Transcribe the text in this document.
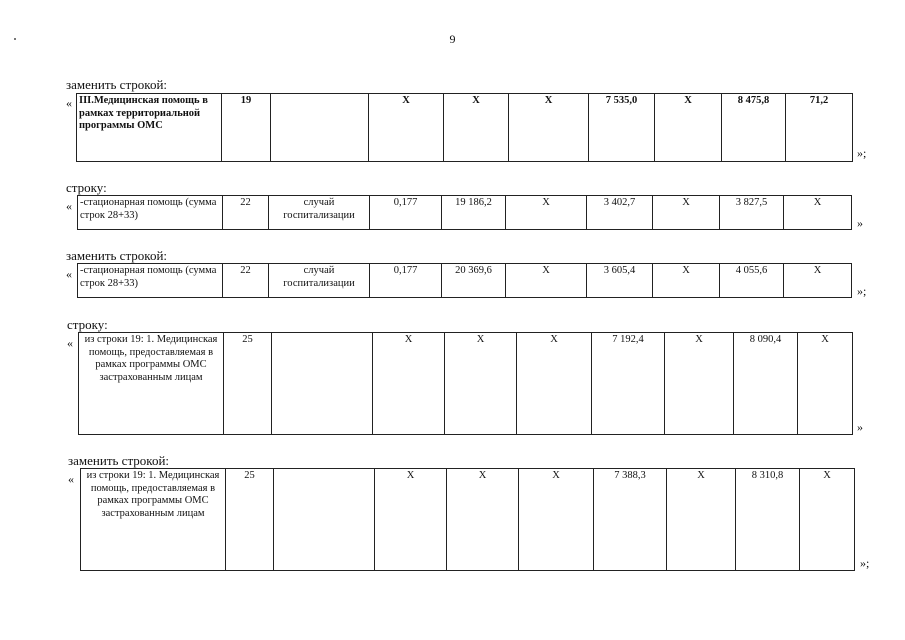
9
заменить строкой:
« III.Медицинская помощь в рамках территориальной программы ОМС	19		Х	Х	Х	7 535,0	Х	8 475,8	71,2
»;
строку:
« -стационарная помощь (сумма строк 28+33)	22	случай госпитализации	0,177	19 186,2	Х	3 402,7	Х	3 827,5	Х
»
заменить строкой:
« -стационарная помощь (сумма строк 28+33)	22	случай госпитализации	0,177	20 369,6	Х	3 605,4	Х	4 055,6	Х
»;
строку:
« из строки 19: 1. Медицинская помощь, предоставляемая в рамках программы ОМС застрахованным лицам	25		Х	Х	Х	7 192,4	Х	8 090,4	Х
»
заменить строкой:
« из строки 19: 1. Медицинская помощь, предоставляемая в рамках программы ОМС застрахованным лицам	25		Х	Х	Х	7 388,3	Х	8 310,8	Х
»;
